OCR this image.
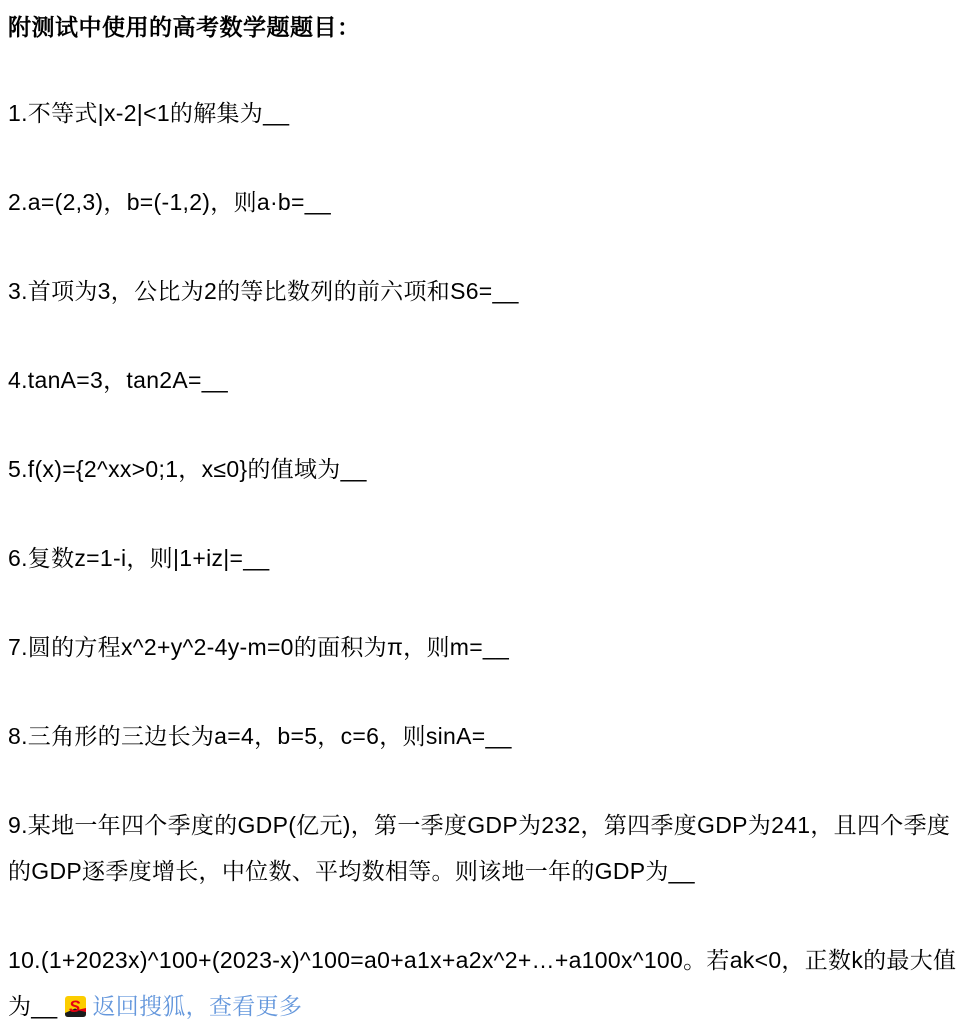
附测试中使用的高考数学题题目：

1.不等式|x-2|<1的解集为__

2.a=(2,3)，b=(-1,2)，则a·b=__

3.首项为3，公比为2的等比数列的前六项和S6=__

4.tanA=3，tan2A=__

5.f(x)={2^xx>0;1，x≤0}的值域为__

6.复数z=1-i，则|1+iz|=__

7.圆的方程x^2+y^2-4y-m=0的面积为π，则m=__

8.三角形的三边长为a=4，b=5，c=6，则sinA=__

9.某地一年四个季度的GDP(亿元)，第一季度GDP为232，第四季度GDP为241，且四个季度的GDP逐季度增长，中位数、平均数相等。则该地一年的GDP为__

10.(1+2023x)^100+(2023-x)^100=a0+a1x+a2x^2+…+a100x^100。若ak<0，正数k的最大值为__ S 返回搜狐，查看更多
